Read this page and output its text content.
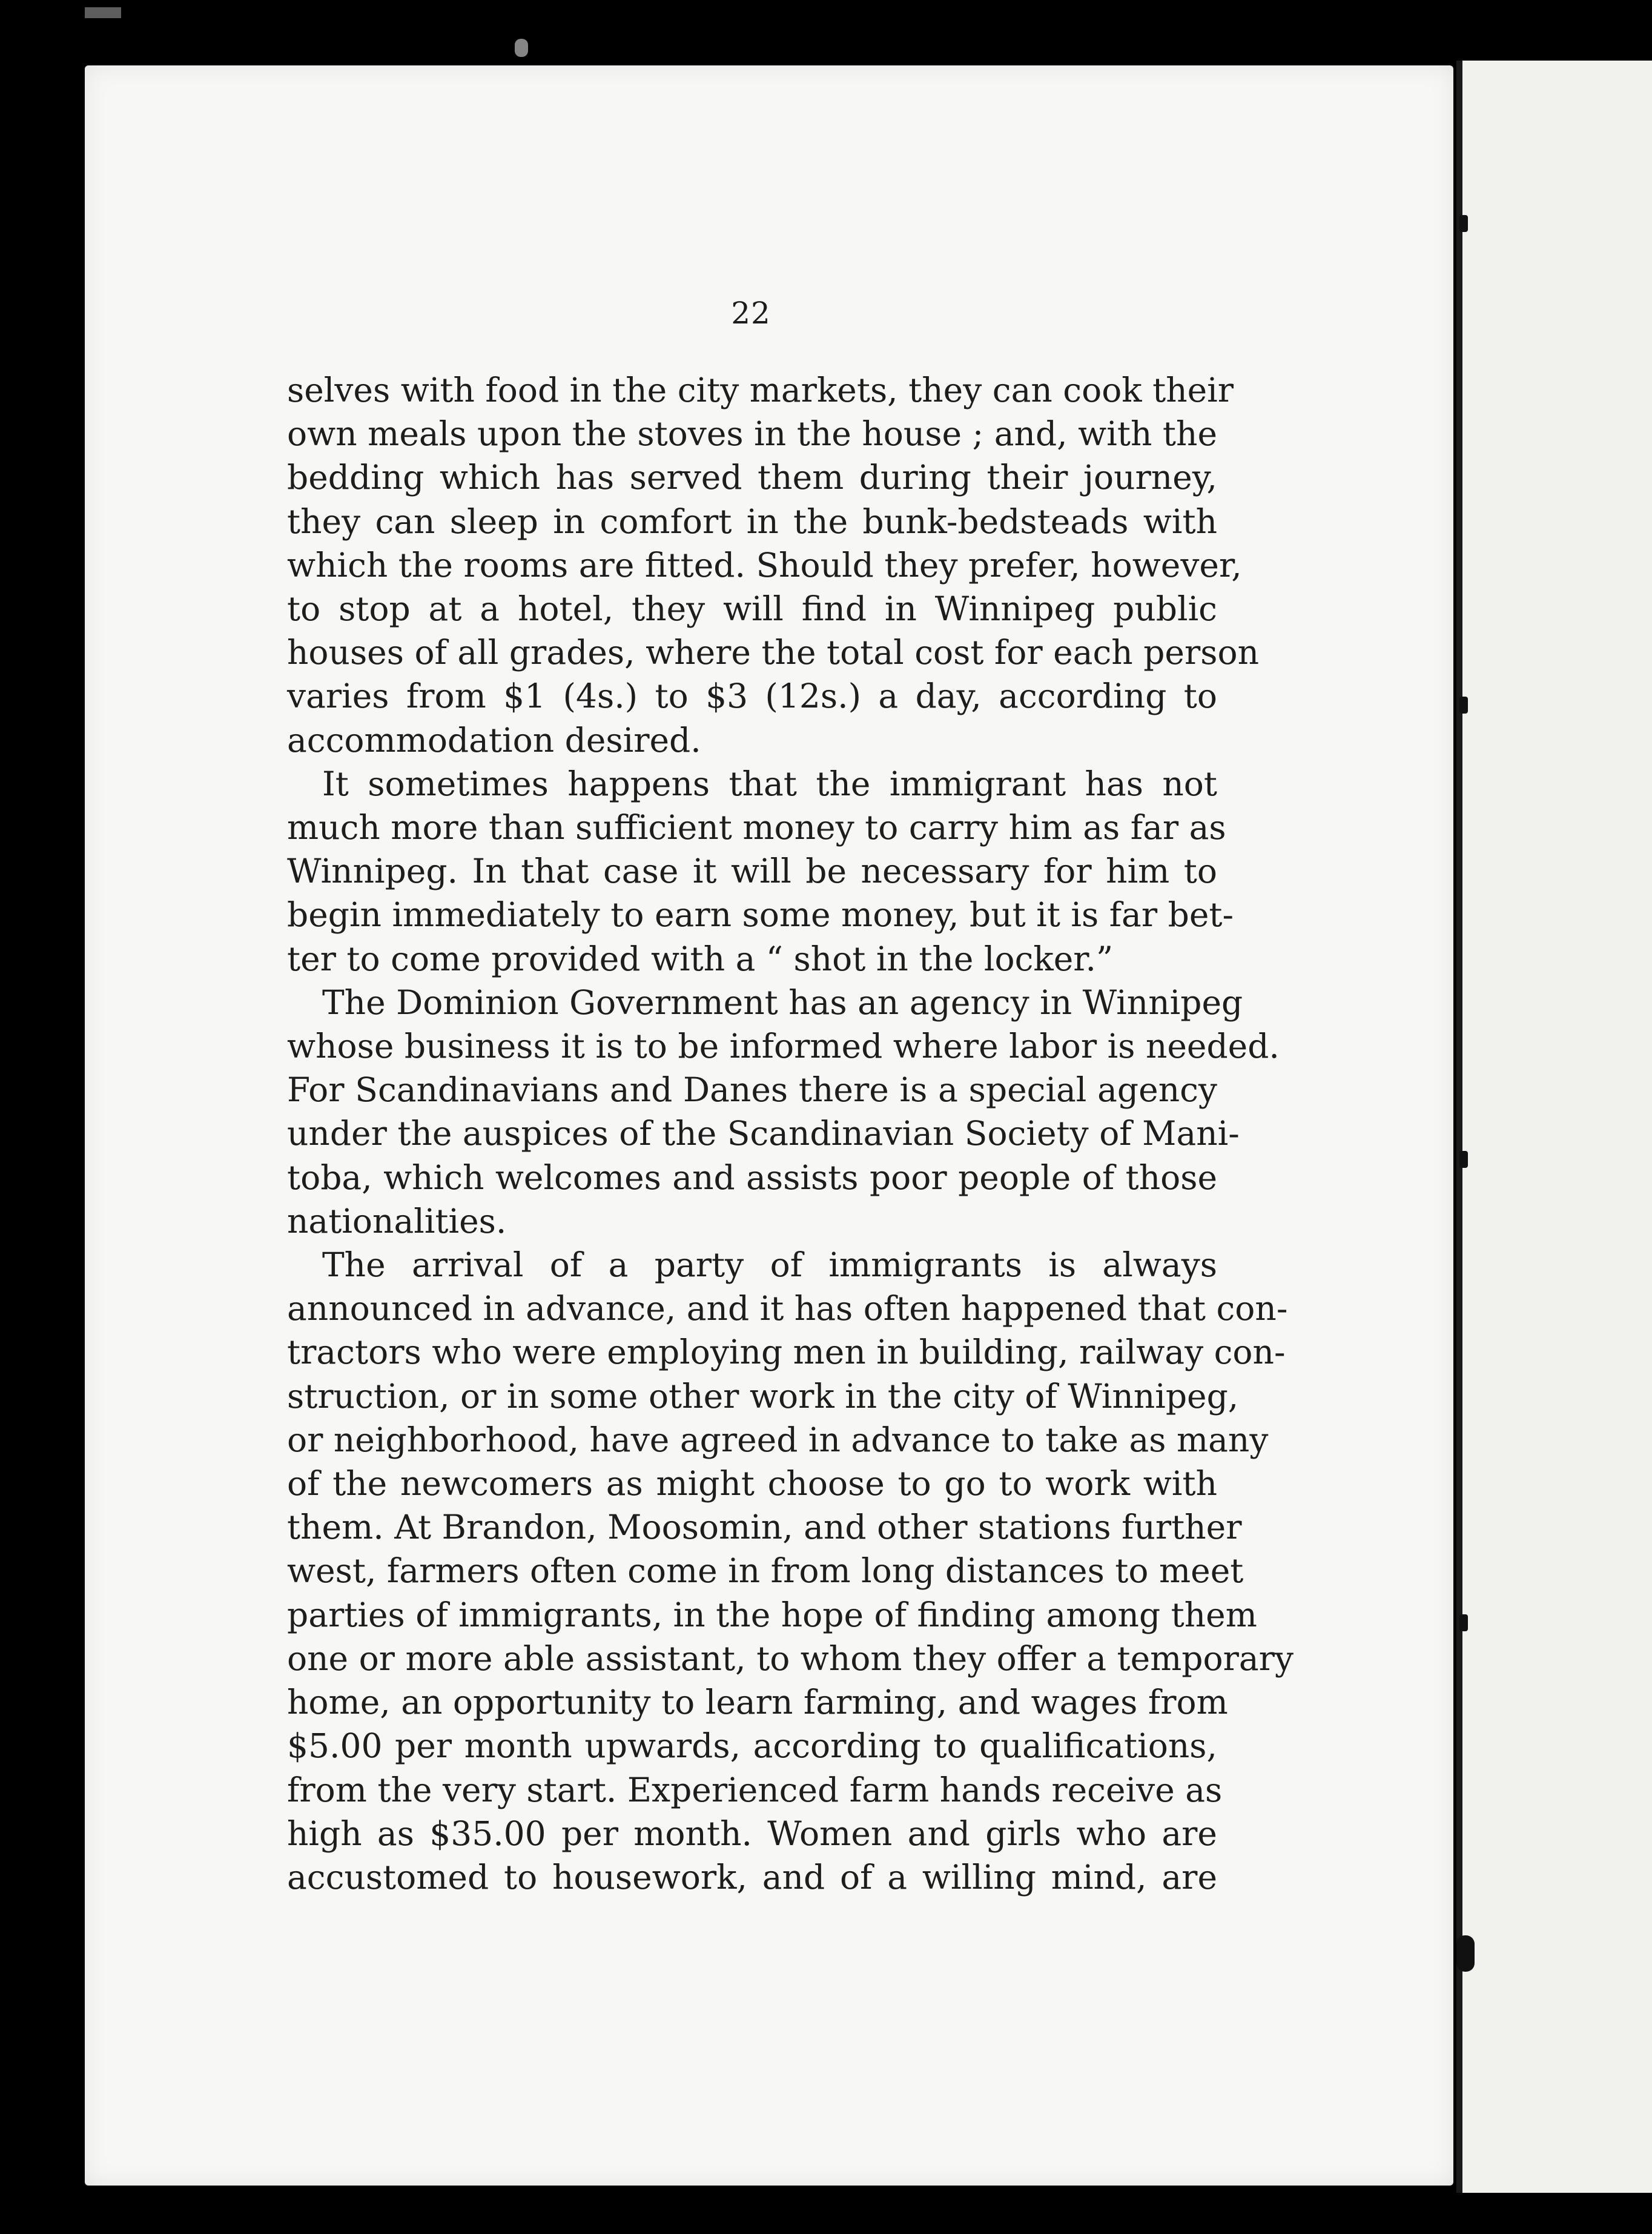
22
selves with food in the city markets, they can cook their
own meals upon the stoves in the house ; and, with the
bedding which has served them during their journey,
they can sleep in comfort in the bunk-bedsteads with
which the rooms are fitted. Should they prefer, however,
to stop at a hotel, they will find in Winnipeg public
houses of all grades, where the total cost for each person
varies from $1 (4s.) to $3 (12s.) a day, according to
accommodation desired.
It sometimes happens that the immigrant has not
much more than sufficient money to carry him as far as
Winnipeg. In that case it will be necessary for him to
begin immediately to earn some money, but it is far bet-
ter to come provided with a “ shot in the locker.”
The Dominion Government has an agency in Winnipeg
whose business it is to be informed where labor is needed.
For Scandinavians and Danes there is a special agency
under the auspices of the Scandinavian Society of Mani-
toba, which welcomes and assists poor people of those
nationalities.
The arrival of a party of immigrants is always
announced in advance, and it has often happened that con-
tractors who were employing men in building, railway con-
struction, or in some other work in the city of Winnipeg,
or neighborhood, have agreed in advance to take as many
of the newcomers as might choose to go to work with
them. At Brandon, Moosomin, and other stations further
west, farmers often come in from long distances to meet
parties of immigrants, in the hope of finding among them
one or more able assistant, to whom they offer a temporary
home, an opportunity to learn farming, and wages from
$5.00 per month upwards, according to qualifications,
from the very start. Experienced farm hands receive as
high as $35.00 per month. Women and girls who are
accustomed to housework, and of a willing mind, are
